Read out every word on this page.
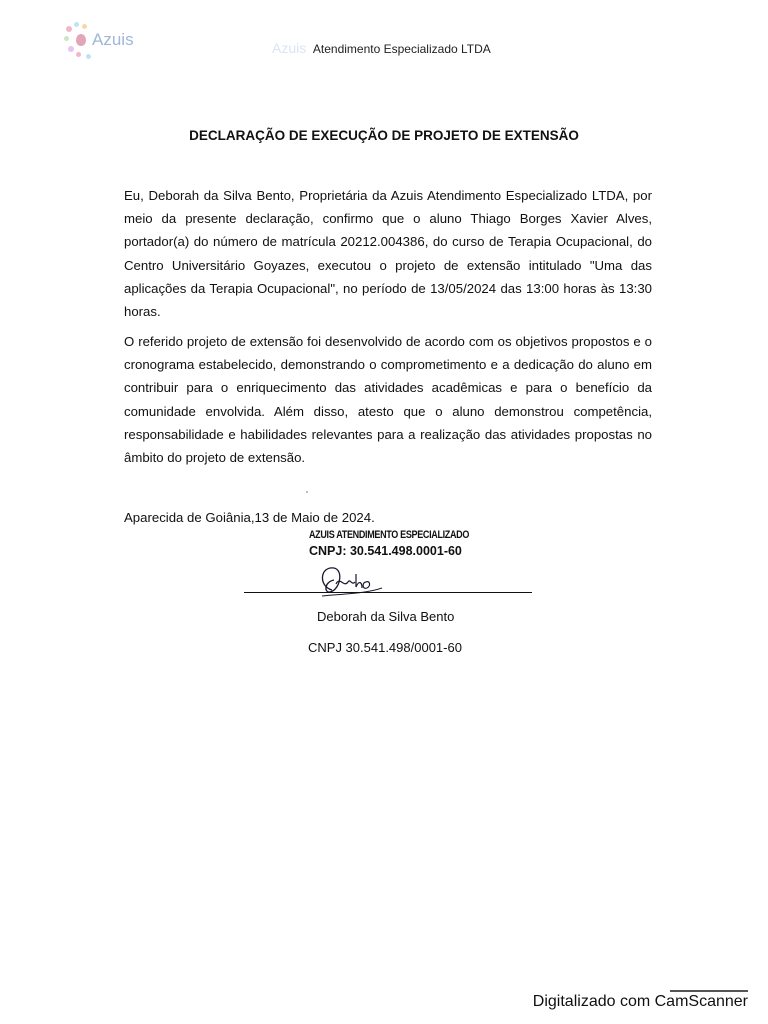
Azuis	Azuis Atendimento Especializado LTDA
DECLARAÇÃO DE EXECUÇÃO DE PROJETO DE EXTENSÃO

Eu, Deborah da Silva Bento, Proprietária da Azuis Atendimento Especializado LTDA, por meio da presente declaração, confirmo que o aluno Thiago Borges Xavier Alves, portador(a) do número de matrícula 20212.004386, do curso de Terapia Ocupacional, do Centro Universitário Goyazes, executou o projeto de extensão intitulado "Uma das aplicações da Terapia Ocupacional", no período de 13/05/2024 das 13:00 horas às 13:30 horas.

O referido projeto de extensão foi desenvolvido de acordo com os objetivos propostos e o cronograma estabelecido, demonstrando o comprometimento e a dedicação do aluno em contribuir para o enriquecimento das atividades acadêmicas e para o benefício da comunidade envolvida. Além disso, atesto que o aluno demonstrou competência, responsabilidade e habilidades relevantes para a realização das atividades propostas no âmbito do projeto de extensão.

Aparecida de Goiânia,13 de Maio de 2024.
AZUIS ATENDIMENTO ESPECIALIZADO
CNPJ: 30.541.498.0001-60
Deborah da Silva Bento
CNPJ 30.541.498/0001-60
Digitalizado com CamScanner
